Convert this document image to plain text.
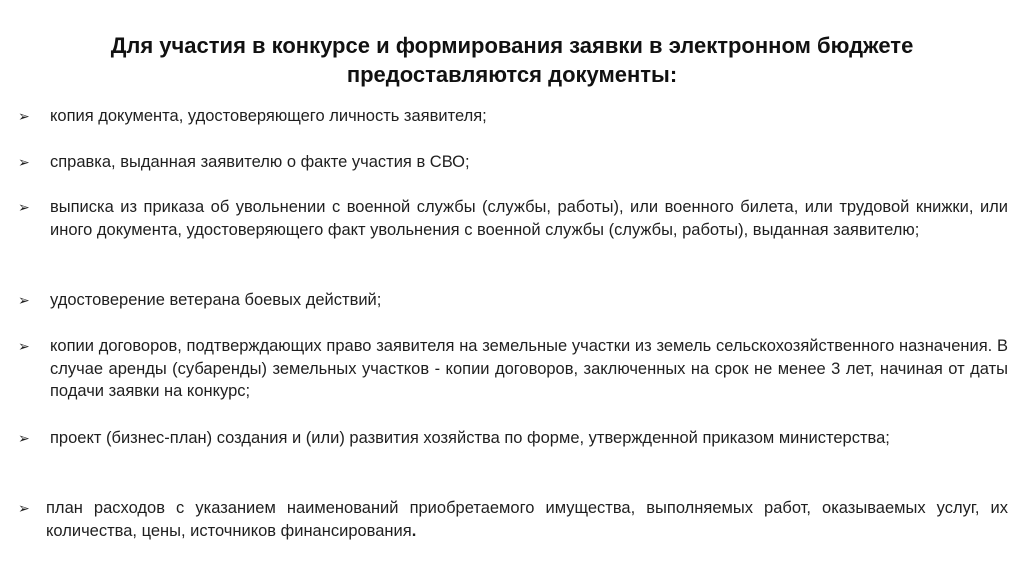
Для участия в конкурсе и формирования заявки в электронном бюджете
предоставляются документы:
➢	копия документа, удостоверяющего личность заявителя;
➢	справка, выданная заявителю о факте участия в СВО;
➢	выписка из приказа об увольнении с военной службы (службы, работы), или военного билета, или трудовой книжки, или иного документа, удостоверяющего факт увольнения с военной службы (службы, работы), выданная заявителю;
➢	удостоверение ветерана боевых действий;
➢	копии договоров, подтверждающих право заявителя на земельные участки из земель сельскохозяйственного назначения. В случае аренды (субаренды) земельных участков - копии договоров, заключенных на срок не менее 3 лет, начиная от даты подачи заявки на конкурс;
➢	проект (бизнес-план) создания и (или) развития хозяйства по форме, утвержденной приказом министерства;
➢ план расходов с указанием наименований приобретаемого имущества, выполняемых работ, оказываемых услуг, их количества, цены, источников финансирования.
